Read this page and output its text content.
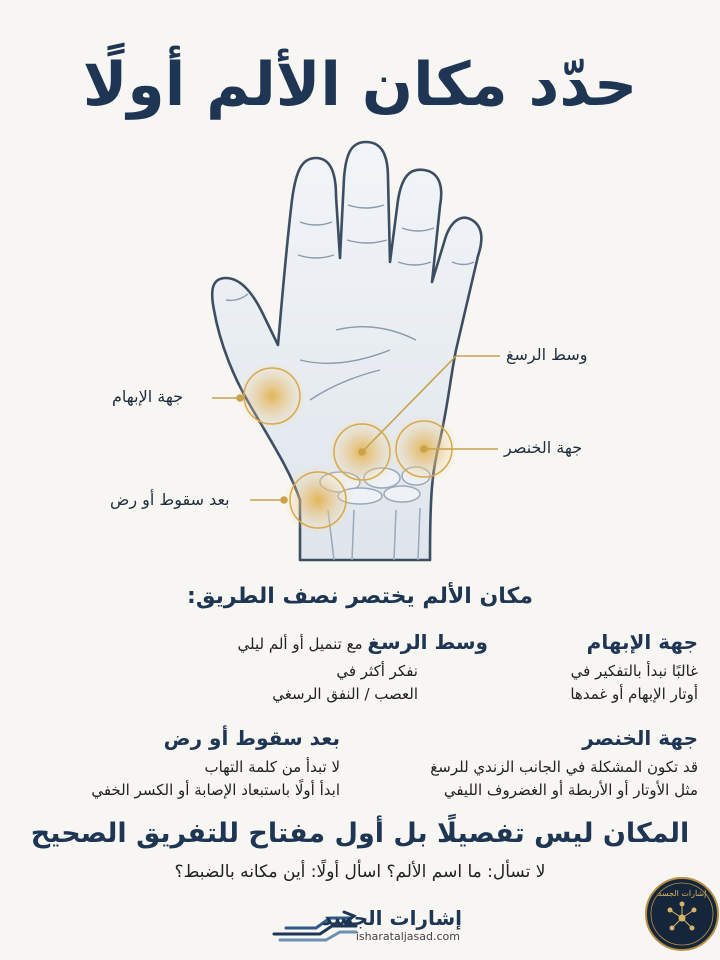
حدّد مكان الألم أولًا
جهة الإبهام
وسط الرسغ
جهة الخنصر
بعد سقوط أو رض
مكان الألم يختصر نصف الطريق:
جهة الإبهام

غالبًا نبدأ بالتفكير في

أوتار الإبهام أو غمدها

وسط الرسغ مع تنميل أو ألم ليلي

نفكر أكثر في

العصب / النفق الرسغي

جهة الخنصر

قد تكون المشكلة في الجانب الزندي للرسغ

مثل الأوتار أو الأربطة أو الغضروف الليفي

بعد سقوط أو رض

لا تبدأ من كلمة التهاب

ابدأ أولًا باستبعاد الإصابة أو الكسر الخفي

المكان ليس تفصيلًا بل أول مفتاح للتفريق الصحيح
لا تسأل: ما اسم الألم؟ اسأل أولًا: أين مكانه بالضبط؟
إشارات الجسد
isharataljasad.com
إشارات الجسد
